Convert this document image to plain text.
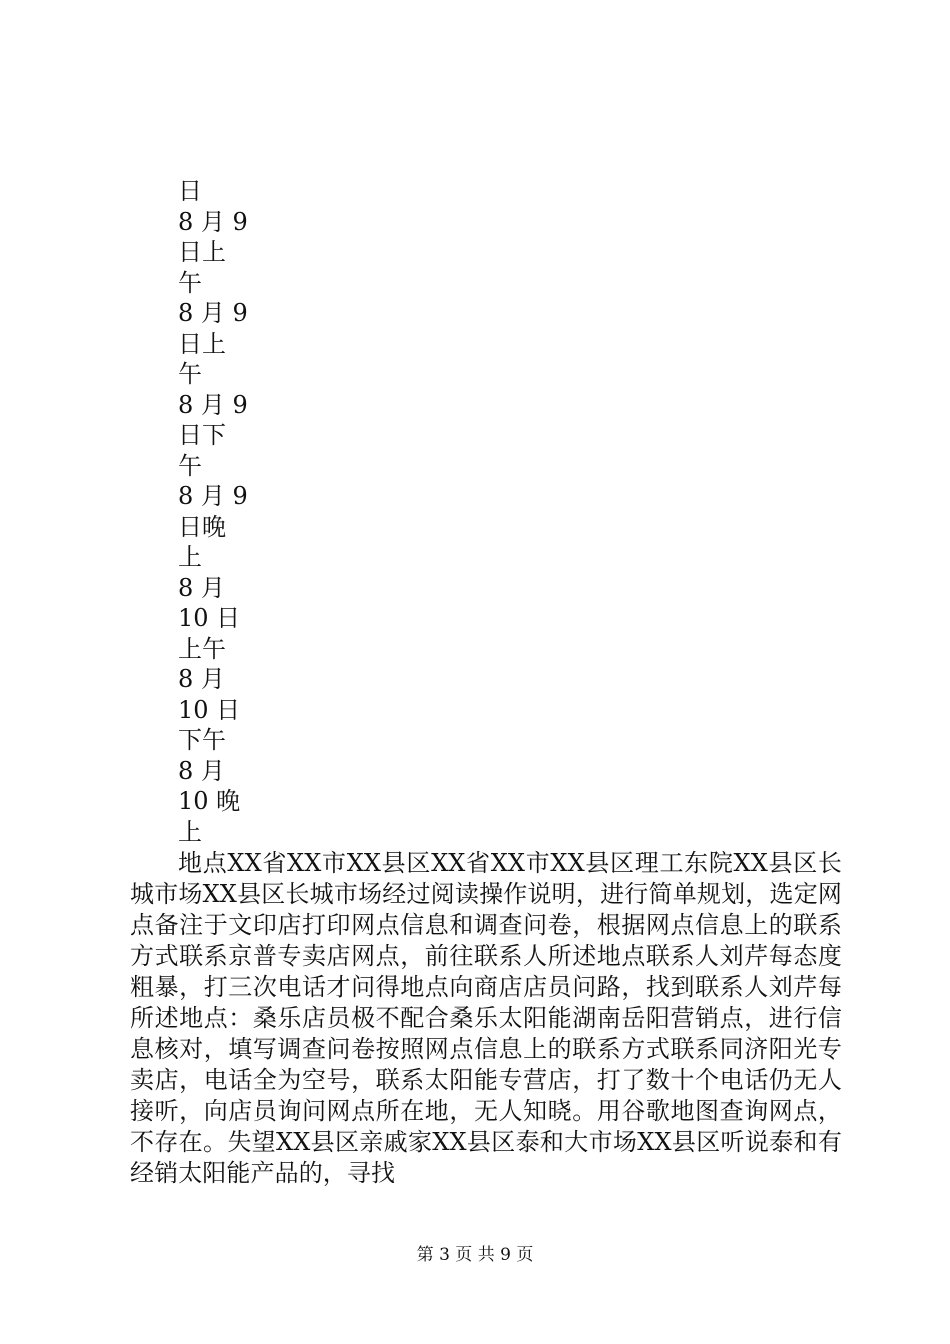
日
8 月 9
日上
午
8 月 9
日上
午
8 月 9
日下
午
8 月 9
日晚
上
8 月
10 日
上午
8 月
10 日
下午
8 月
10 晚
上

地点XX省XX市XX县区XX省XX市XX县区理工东院XX县区长城市场XX县区长城市场经过阅读操作说明，进行简单规划，选定网点备注于文印店打印网点信息和调查问卷，根据网点信息上的联系方式联系京普专卖店网点，前往联系人所述地点联系人刘芹每态度粗暴，打三次电话才问得地点向商店店员问路，找到联系人刘芹每所述地点：桑乐店员极不配合桑乐太阳能湖南岳阳营销点，进行信息核对，填写调查问卷按照网点信息上的联系方式联系同济阳光专卖店，电话全为空号，联系太阳能专营店，打了数十个电话仍无人接听，向店员询问网点所在地，无人知晓。用谷歌地图查询网点，不存在。失望XX县区亲戚家XX县区泰和大市场XX县区听说泰和有经销太阳能产品的，寻找

第 3 页 共 9 页
